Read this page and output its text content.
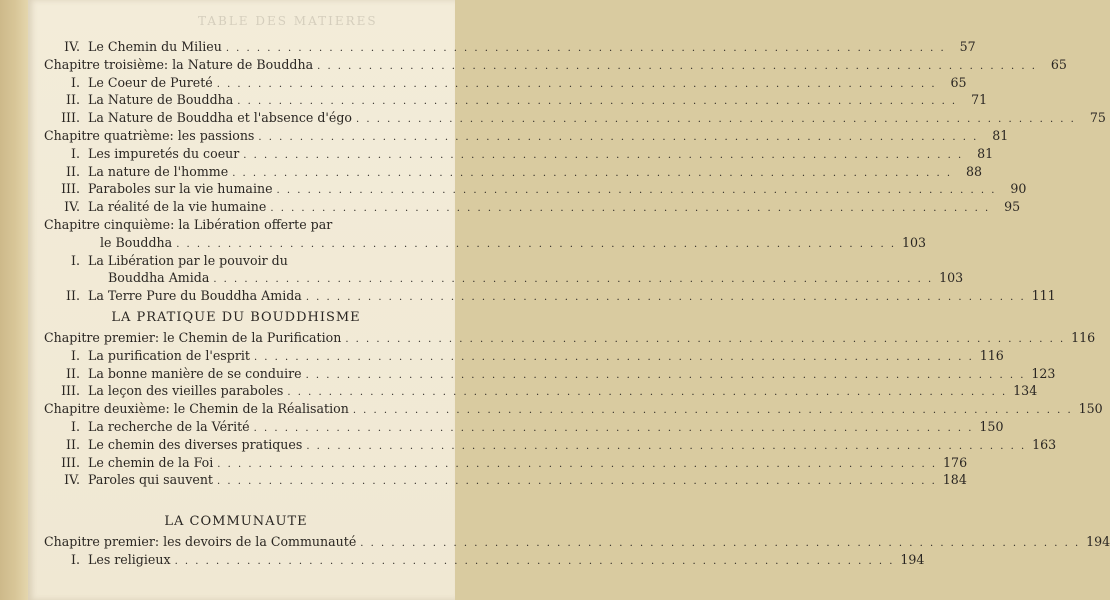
TABLE DES MATIERES
IV. Le Chemin du Milieu . . .	57
Chapitre troisième: la Nature de Bouddha . . .	65
I. Le Coeur de Pureté . . .	65
II. La Nature de Bouddha . . .	71
III. La Nature de Bouddha et l'absence d'égo . . .	75
Chapitre quatrième: les passions . . .	81
I. Les impuretés du coeur . . .	81
II. La nature de l'homme . . .	88
III. Paraboles sur la vie humaine . . .	90
IV. La réalité de la vie humaine . . .	95
Chapitre cinquième: la Libération offerte par
le Bouddha . . .	103
I. La Libération par le pouvoir du
Bouddha Amida . . .	103
II. La Terre Pure du Bouddha Amida . . .	111
LA PRATIQUE DU BOUDDHISME
Chapitre premier: le Chemin de la Purification . . .	116
I. La purification de l'esprit . . .	116
II. La bonne manière de se conduire . . .	123
III. La leçon des vieilles paraboles . . .	134
Chapitre deuxième: le Chemin de la Réalisation . . .	150
I. La recherche de la Vérité . . .	150
II. Le chemin des diverses pratiques . . .	163
III. Le chemin de la Foi . . .	176
IV. Paroles qui sauvent . . .	184
LA COMMUNAUTE
Chapitre premier: les devoirs de la Communauté . . .	194
I. Les religieux . . .	194
